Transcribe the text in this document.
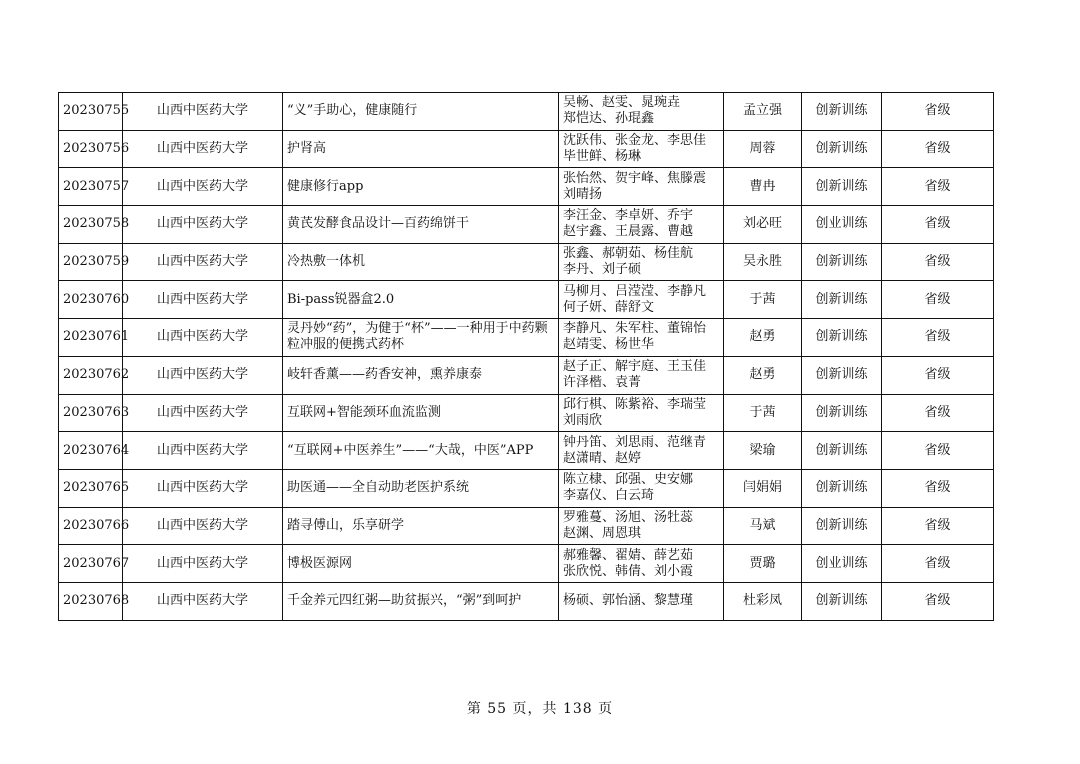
20230755	山西中医药大学	“义”手助心，健康随行	吴畅、赵雯、晁琬垚
郑恺达、孙琨鑫	孟立强	创新训练	省级
20230756	山西中医药大学	护肾高	沈跃伟、张金龙、李思佳
毕世鲜、杨琳	周蓉	创新训练	省级
20230757	山西中医药大学	健康修行app	张怡然、贺宇峰、焦滕震
刘晴扬	曹冉	创新训练	省级
20230758	山西中医药大学	黄芪发酵食品设计—百药绵饼干	李汪金、李卓妍、乔宇
赵宇鑫、王晨露、曹越	刘必旺	创业训练	省级
20230759	山西中医药大学	冷热敷一体机	张鑫、郝朝茹、杨佳航
李丹、刘子硕	吴永胜	创新训练	省级
20230760	山西中医药大学	Bi-pass锐器盒2.0	马柳月、吕滢滢、李静凡
何子妍、薛舒文	于茜	创新训练	省级
20230761	山西中医药大学	灵丹妙“药”，为健于“杯”——一种用于中药颗粒冲服的便携式药杯	李静凡、朱军柱、董锦怡
赵靖雯、杨世华	赵勇	创新训练	省级
20230762	山西中医药大学	岐轩香薰——药香安神，熏养康泰	赵子正、解宇庭、王玉佳
许泽楷、袁菁	赵勇	创新训练	省级
20230763	山西中医药大学	互联网+智能颈环血流监测	邱行棋、陈紫裕、李瑞莹
刘雨欣	于茜	创新训练	省级
20230764	山西中医药大学	“互联网+中医养生”——“大哉，中医”APP	钟丹笛、刘思雨、范继青
赵潇晴、赵婷	梁瑜	创新训练	省级
20230765	山西中医药大学	助医通——全自动助老医护系统	陈立棣、邱强、史安娜
李嘉仪、白云琦	闫娟娟	创新训练	省级
20230766	山西中医药大学	踏寻傅山，乐享研学	罗雅蔓、汤旭、汤牡蕊
赵渊、周恩琪	马斌	创新训练	省级
20230767	山西中医药大学	博极医源网	郝雅馨、翟婧、薛艺茹
张欣悦、韩倩、刘小霞	贾璐	创业训练	省级
20230768	山西中医药大学	千金养元四红粥—助贫振兴，“粥”到呵护	杨硕、郭怡涵、黎慧瑾	杜彩凤	创新训练	省级
第 55 页，共 138 页
